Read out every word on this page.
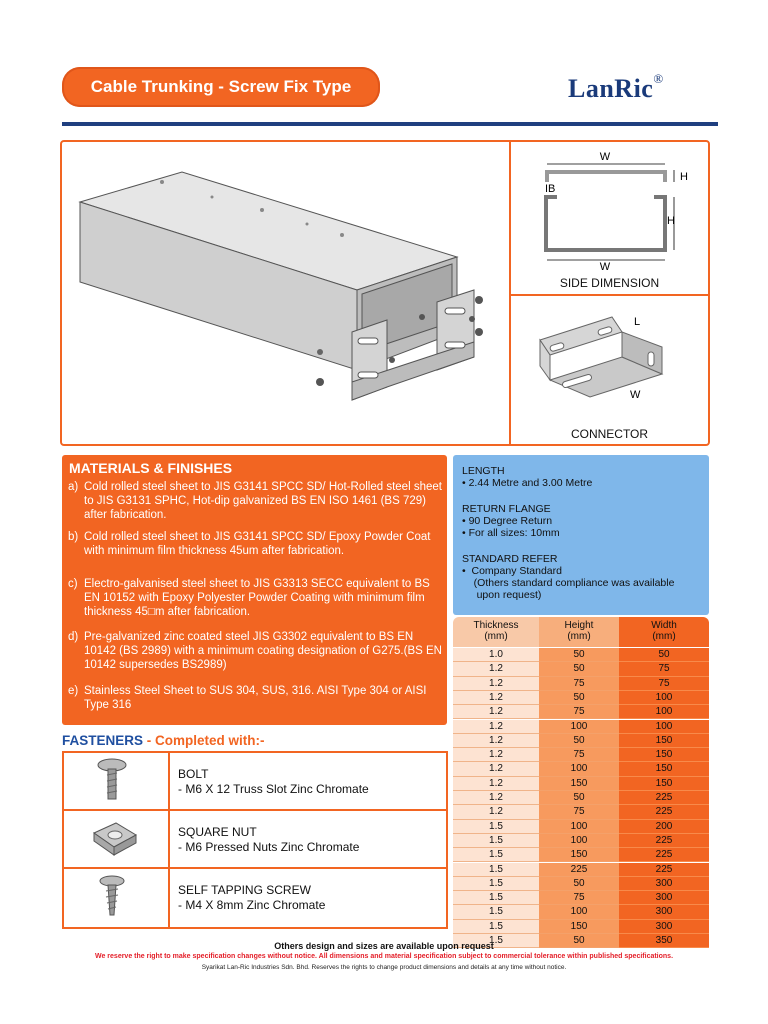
Cable Trunking - Screw Fix Type	LanRic®
W
H
IB
H
W
L
W
SIDE DIMENSION
CONNECTOR
MATERIALS & FINISHES
a) Cold rolled steel sheet to JIS G3141 SPCC SD/ Hot-Rolled steel sheet to JIS G3131 SPHC, Hot-dip galvanized BS EN ISO 1461 (BS 729) after fabrication.
b) Cold rolled steel sheet to JIS G3141 SPCC SD/ Epoxy Powder Coat with minimum film thickness 45um after fabrication.
c) Electro-galvanised steel sheet to JIS G3313 SECC equivalent to BS EN 10152 with Epoxy Polyester Powder Coating with minimum film thickness 45□m after fabrication.
d) Pre-galvanized zinc coated steel JIS G3302 equivalent to BS EN 10142 (BS 2989) with a minimum coating designation of G275.(BS EN 10142 supersedes BS2989)
e) Stainless Steel Sheet to SUS 304, SUS, 316. AISI Type 304 or AISI Type 316
FASTENERS - Completed with:-
BOLT
- M6 X 12 Truss Slot Zinc Chromate
SQUARE NUT
- M6 Pressed Nuts Zinc Chromate
SELF TAPPING SCREW
- M4 X 8mm Zinc Chromate
LENGTH
• 2.44 Metre and 3.00 Metre
RETURN FLANGE
• 90 Degree Return
• For all sizes: 10mm
STANDARD REFER
•  Company Standard
(Others standard compliance was available
upon request)
Thickness
(mm)
Height
(mm)
Width
(mm)
1.0	50	50
1.2	50	75
1.2	75	75
1.2	50	100
1.2	75	100
1.2	100	100
1.2	50	150
1.2	75	150
1.2	100	150
1.2	150	150
1.2	50	225
1.2	75	225
1.5	100	200
1.5	100	225
1.5	150	225
1.5	225	225
1.5	50	300
1.5	75	300
1.5	100	300
1.5	150	300
1.5	50	350
Others design and sizes are available upon request
We reserve the right to make specification changes without notice. All dimensions and material specification subject to commercial tolerance within published specifications.
Syarikat Lan-Ric Industries Sdn. Bhd. Reserves the rights to change product dimensions and details at any time without notice.
